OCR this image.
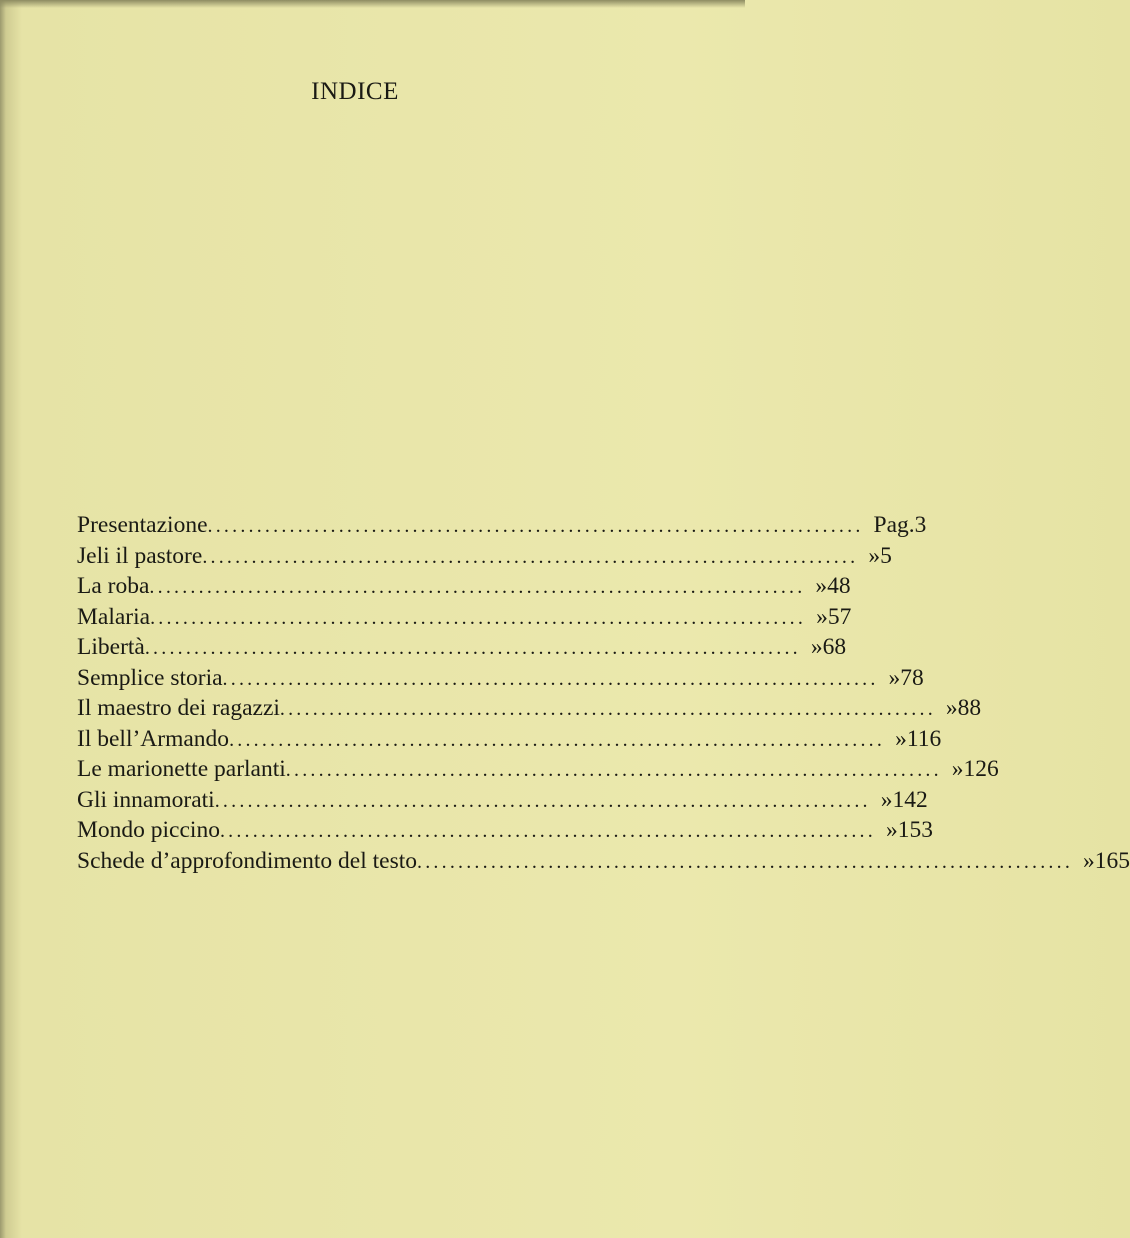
INDICE
Presentazione ................................................................................ Pag. 3
Jeli il pastore ................................................................................ » 5
La roba ................................................................................ » 48
Malaria ................................................................................ » 57
Libertà ................................................................................ » 68
Semplice storia ................................................................................ » 78
Il maestro dei ragazzi ................................................................................ » 88
Il bell’Armando ................................................................................ » 116
Le marionette parlanti ................................................................................ » 126
Gli innamorati ................................................................................ » 142
Mondo piccino ................................................................................ » 153
Schede d’approfondimento del testo ................................................................................ » 165
